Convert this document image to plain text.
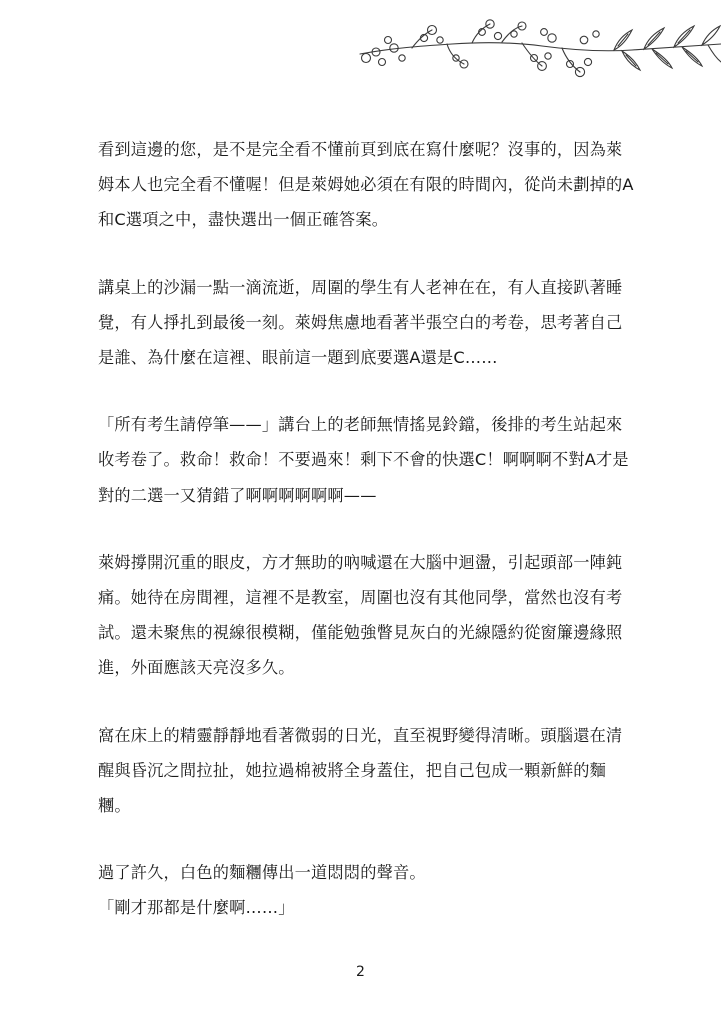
看到這邊的您，是不是完全看不懂前頁到底在寫什麼呢？沒事的，因為萊姆本人也完全看不懂喔！但是萊姆她必須在有限的時間內，從尚未劃掉的A和C選項之中，盡快選出一個正確答案。

講桌上的沙漏一點一滴流逝，周圍的學生有人老神在在，有人直接趴著睡覺，有人掙扎到最後一刻。萊姆焦慮地看著半張空白的考卷，思考著自己是誰、為什麼在這裡、眼前這一題到底要選A還是C……

「所有考生請停筆——」講台上的老師無情搖晃鈴鐺，後排的考生站起來收考卷了。救命！救命！不要過來！剩下不會的快選C！啊啊啊不對A才是對的二選一又猜錯了啊啊啊啊啊啊——

萊姆撐開沉重的眼皮，方才無助的吶喊還在大腦中迴盪，引起頭部一陣鈍痛。她待在房間裡，這裡不是教室，周圍也沒有其他同學，當然也沒有考試。還未聚焦的視線很模糊，僅能勉強瞥見灰白的光線隱約從窗簾邊緣照進，外面應該天亮沒多久。

窩在床上的精靈靜靜地看著微弱的日光，直至視野變得清晰。頭腦還在清醒與昏沉之間拉扯，她拉過棉被將全身蓋住，把自己包成一顆新鮮的麵糰。

過了許久，白色的麵糰傳出一道悶悶的聲音。

「剛才那都是什麼啊……」

2
